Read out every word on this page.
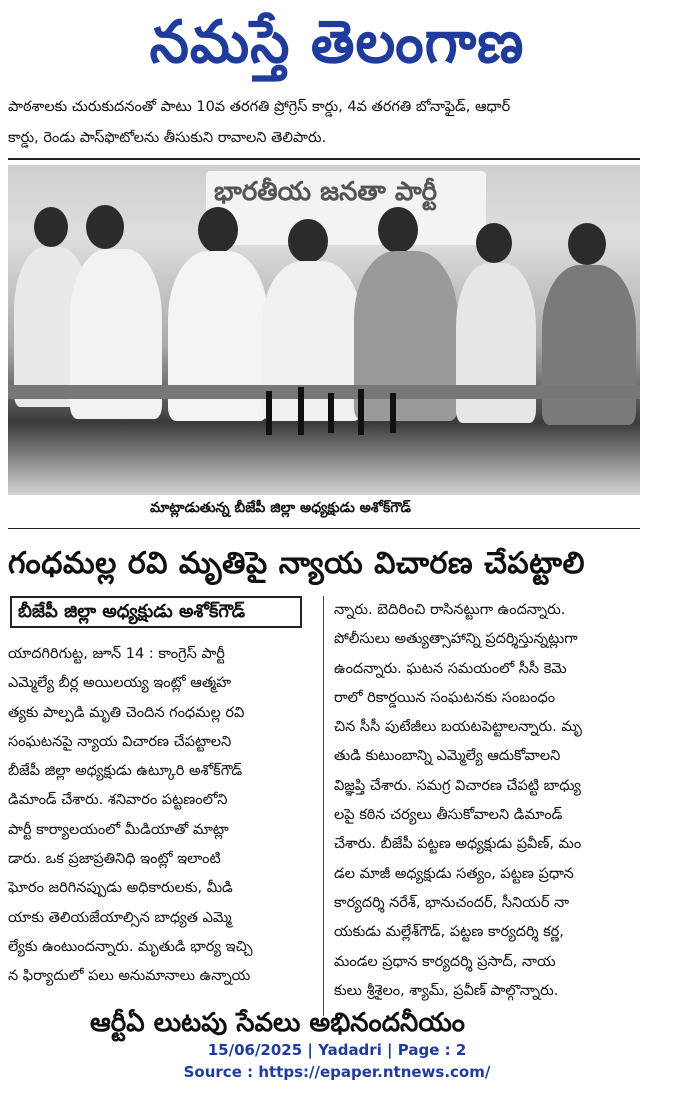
నమస్తే తెలంగాణ
పాఠశాలకు చురుకుదనంతో పాటు 10వ తరగతి ప్రోగ్రెస్ కార్డు, 4వ తరగతి బోనాఫైడ్, ఆధార్
కార్డు, రెండు పాస్‌ఫొటోలను తీసుకుని రావాలని తెలిపారు.
భారతీయ జనతా పార్టీ
మాట్లాడుతున్న బీజేపీ జిల్లా అధ్యక్షుడు అశోక్‌గౌడ్
గంధమల్ల రవి మృతిపై న్యాయ విచారణ చేపట్టాలి
బీజేపీ జిల్లా అధ్యక్షుడు అశోక్‌గౌడ్

యాదగిరిగుట్ట, జూన్ 14 : కాంగ్రెస్ పార్టీ

ఎమ్మెల్యే బీర్ల అయిలయ్య ఇంట్లో ఆత్మహ

త్యకు పాల్పడి మృతి చెందిన గంధమల్ల రవి

సంఘటనపై న్యాయ విచారణ చేపట్టాలని

బీజేపీ జిల్లా అధ్యక్షుడు ఉట్కూరి అశోక్‌గౌడ్

డిమాండ్ చేశారు. శనివారం పట్టణంలోని

పార్టీ కార్యాలయంలో మీడియాతో మాట్లా

డారు. ఒక ప్రజాప్రతినిధి ఇంట్లో ఇలాంటి

ఘోరం జరిగినప్పుడు అధికారులకు, మీడి

యాకు తెలియజేయాల్సిన బాధ్యత ఎమ్మె

ల్యేకు ఉంటుందన్నారు. మృతుడి భార్య ఇచ్చి

న ఫిర్యాదులో పలు అనుమానాలు ఉన్నాయ

న్నారు. బెదిరించి రాసినట్టుగా ఉందన్నారు.

పోలీసులు అత్యుత్సాహాన్ని ప్రదర్శిస్తున్నట్లుగా

ఉందన్నారు. ఘటన సమయంలో సీసీ కెమె

రాలో రికార్డయిన సంఘటనకు సంబంధం

చిన సీసీ పుటేజీలు బయటపెట్టాలన్నారు. మృ

తుడి కుటుంబాన్ని ఎమ్మెల్యే ఆదుకోవాలని

విజ్ఞప్తి చేశారు. సమగ్ర విచారణ చేపట్టి బాధ్యు

లపై కఠిన చర్యలు తీసుకోవాలని డిమాండ్

చేశారు. బీజేపీ పట్టణ అధ్యక్షుడు ప్రవీణ్, మం

డల మాజీ అధ్యక్షుడు సత్యం, పట్టణ ప్రధాన

కార్యదర్శి నరేశ్, భానుచందర్, సీనియర్ నా

యకుడు మల్లేశ్‌గౌడ్, పట్టణ కార్యదర్శి కర్ణ,

మండల ప్రధాన కార్యదర్శి ప్రసాద్, నాయ

కులు శ్రీశైలం, శ్యామ్, ప్రవీణ్ పాల్గొన్నారు.

ఆర్టీఏ లుటపు సేవలు అభినందనీయం
15/06/2025 | Yadadri | Page : 2
Source : https://epaper.ntnews.com/
